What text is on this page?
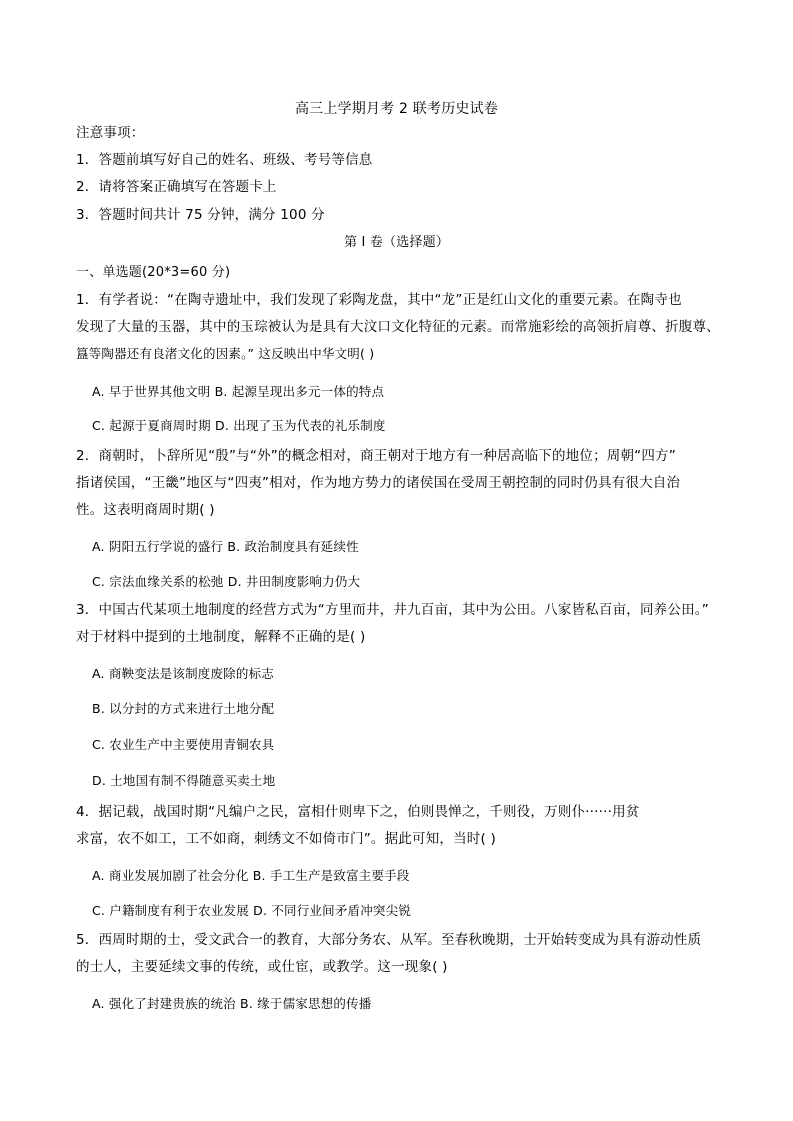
高三上学期月考 2 联考历史试卷
注意事项：
1．答题前填写好自己的姓名、班级、考号等信息
2．请将答案正确填写在答题卡上
3．答题时间共计 75 分钟，满分 100 分
第 I 卷（选择题）
一、单选题(20*3=60 分)
1．有学者说：“在陶寺遗址中，我们发现了彩陶龙盘，其中“龙”正是红山文化的重要元素。在陶寺也
发现了大量的玉器，其中的玉琮被认为是具有大汶口文化特征的元素。而常施彩绘的高领折肩尊、折腹尊、
簋等陶器还有良渚文化的因素。” 这反映出中华文明( )
A. 早于世界其他文明 B. 起源呈现出多元一体的特点
C. 起源于夏商周时期 D. 出现了玉为代表的礼乐制度
2．商朝时，卜辞所见“殷”与“外”的概念相对，商王朝对于地方有一种居高临下的地位；周朝“四方”
指诸侯国，“王畿”地区与“四夷”相对，作为地方势力的诸侯国在受周王朝控制的同时仍具有很大自治
性。这表明商周时期( )
A. 阴阳五行学说的盛行 B. 政治制度具有延续性
C. 宗法血缘关系的松弛 D. 井田制度影响力仍大
3．中国古代某项土地制度的经营方式为“方里而井，井九百亩，其中为公田。八家皆私百亩，同养公田。”
对于材料中提到的土地制度，解释不正确的是( )
A. 商鞅变法是该制度废除的标志
B. 以分封的方式来进行土地分配
C. 农业生产中主要使用青铜农具
D. 土地国有制不得随意买卖土地
4．据记载，战国时期“凡编户之民，富相什则卑下之，伯则畏惮之，千则役，万则仆······用贫
求富，农不如工，工不如商，刺绣文不如倚市门”。据此可知，当时( )
A. 商业发展加剧了社会分化 B. 手工生产是致富主要手段
C. 户籍制度有利于农业发展 D. 不同行业间矛盾冲突尖锐
5．西周时期的士，受文武合一的教育，大部分务农、从军。至春秋晚期，士开始转变成为具有游动性质
的士人，主要延续文事的传统，或仕宦，或教学。这一现象( )
A. 强化了封建贵族的统治 B. 缘于儒家思想的传播
